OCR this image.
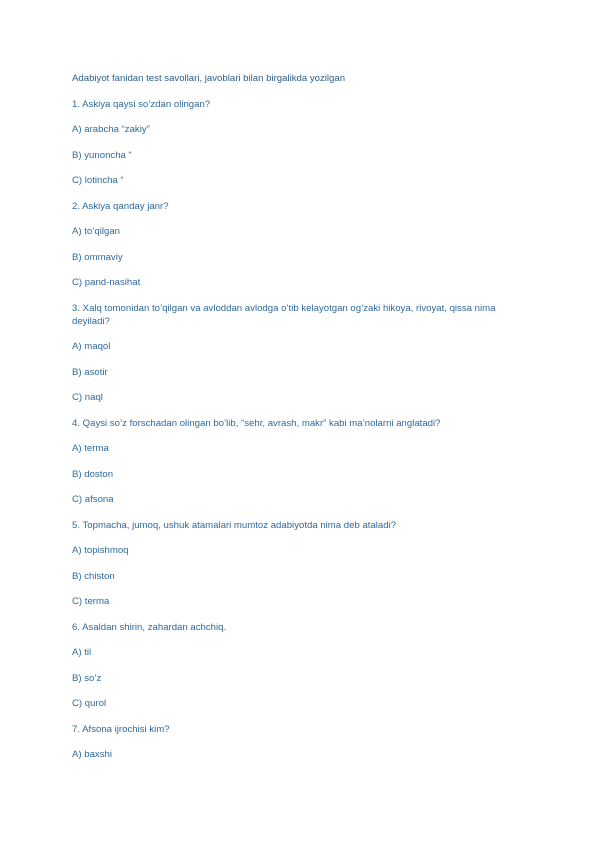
Adabiyot fanidan test savollari, javoblari bilan birgalikda yozilgan

1. Askiya qaysi so’zdan olingan?

A) arabcha “zakiy”

B) yunoncha “

C) lotincha “

2. Askiya qanday janr?

A) to’qilgan

B) ommaviy

C) pand-nasihat

3. Xalq tomonidan to’qilgan va avloddan avlodga o’tib kelayotgan og’zaki hikoya, rivoyat, qissa nima deyiladi?

A) maqol

B) asotir

C) naql

4. Qaysi so’z forschadan olingan bo’lib, “sehr, avrash, makr” kabi ma’nolarni anglatadi?

A) terma

B) doston

C) afsona

5. Topmacha, jumoq, ushuk atamalari mumtoz adabiyotda nima deb ataladi?

A) topishmoq

B) chiston

C) terma

6. Asaldan shirin, zahardan achchiq.

A) til

B) so’z

C) qurol

7. Afsona ijrochisi kim?

A) baxshi
